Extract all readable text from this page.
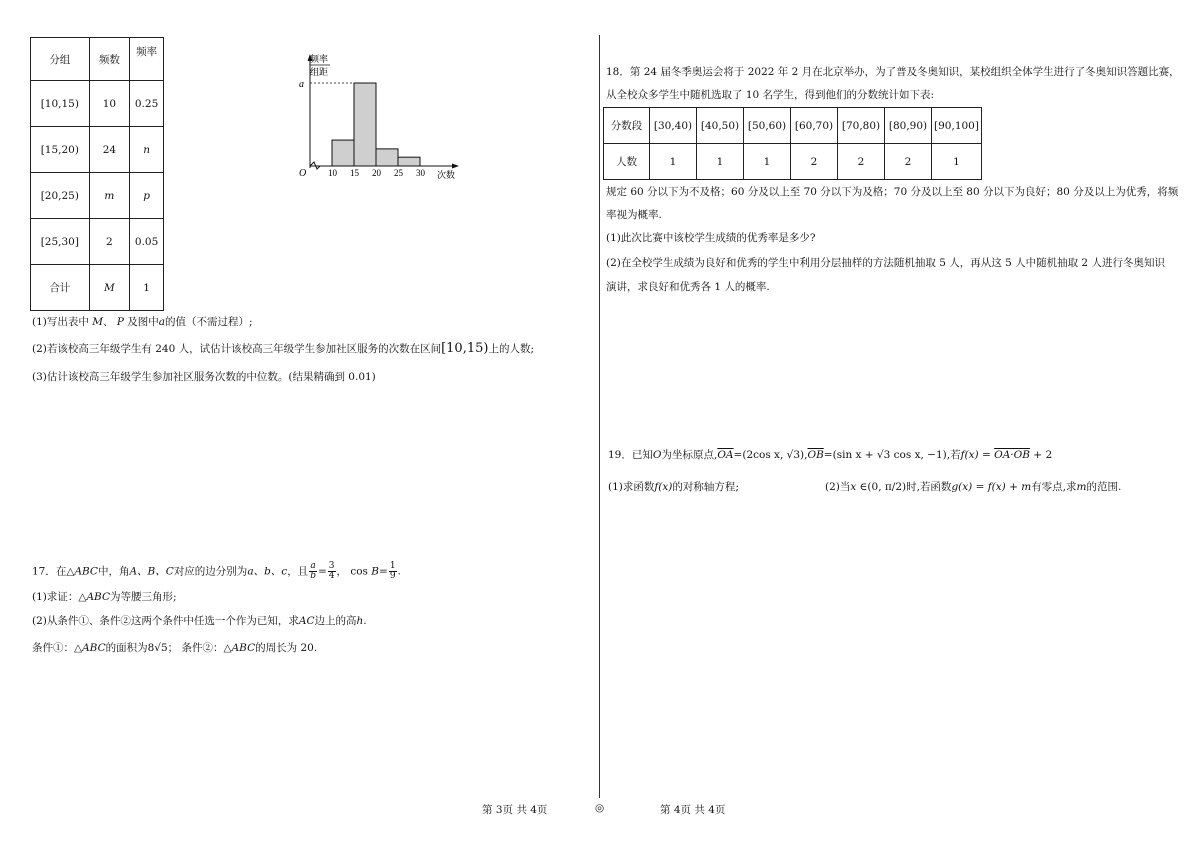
分组	频数	频率
[10,15)	10	0.25
[15,20)	24	n
[20,25)	m	p
[25,30]	2	0.05
合计	M	1
频率
组距
a
O 10 15 20 25 30 次数
(1)写出表中 M、 P 及图中a的值（不需过程）;
(2)若该校高三年级学生有 240 人，试估计该校高三年级学生参加社区服务的次数在区间[10,15)上的人数;
(3)估计该校高三年级学生参加社区服务次数的中位数。(结果精确到 0.01)
17．在△ABC中，角A、B、C对应的边分别为a、b、c，且 $\frac{a}{b} = \frac{3}{4}$ ， $\cos B= \frac{1}{9}$ .
(1)求证：△ABC为等腰三角形;
(2)从条件①、条件②这两个条件中任选一个作为已知，求AC边上的高h.
条件①：△ABC的面积为8√5； 条件②：△ABC的周长为 20.
18．第 24 届冬季奥运会将于 2022 年 2 月在北京举办，为了普及冬奥知识，某校组织全体学生进行了冬奥知识答题比赛，
从全校众多学生中随机选取了 10 名学生，得到他们的分数统计如下表:
分数段	[30,40)	[40,50)	[50,60)	[60,70)	[70,80)	[80,90)	[90,100]
人数	1	1	1	2	2	2	1
规定 60 分以下为不及格；60 分及以上至 70 分以下为及格；70 分及以上至 80 分以下为良好；80 分及以上为优秀，将频
率视为概率.
(1)此次比赛中该校学生成绩的优秀率是多少?
(2)在全校学生成绩为良好和优秀的学生中利用分层抽样的方法随机抽取 5 人，再从这 5 人中随机抽取 2 人进行冬奥知识
演讲，求良好和优秀各 1 人的概率.
19．已知O为坐标原点$,\overline{OA}=(2\cos$ x, $√3),\overline{OB}=(\sin$ x + √3 cos x, −1),若f(x) = OA·OB + 2
(1)求函数f(x)的对称轴方程;	(2)当x ∈(0, π/2)时,若函数g(x) = f(x) + m有零点,求m的范围.
第 3页 共 4页	◎	第 4页 共 4页
